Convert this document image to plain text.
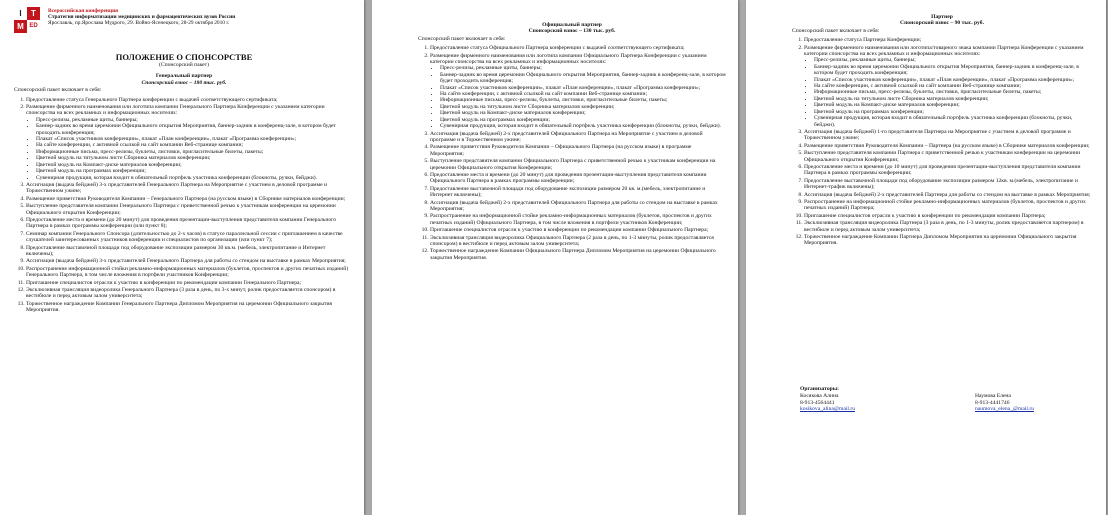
I	T
M ED

Всероссийская конференция

Стратегия информатизации медицинских и фармацевтических вузов России

Ярославль, пр.Ярослава Мудрого, 29. Войно-Ясенецкого, 28-29 октября 2010 г.

ПОЛОЖЕНИЕ О СПОНСОРСТВЕ

(Спонсорский пакет)

Генеральный партнер

Спонсорский взнос – 180 тыс. руб.

Спонсорский пакет включает в себя:

1. Предоставление статуса Генерального Партнера конференции с выдачей соответствующего сертификата;
2. Размещение фирменного наименования или логотипа компании Генерального Партнера Конференции с указанием категории спонсорства на всех рекламных и информационных носителях:
• Пресс-релизы, рекламные щиты, баннеры;
• Баннер-задник во время церемонии Официального открытия Мероприятия, баннер-задник в конференц-зале, в котором будет проходить конференция;
• Плакат «Список участников конференции», плакат «План конференции», плакат «Программа конференции»;
• На сайте конференции, с активной ссылкой на сайт компании Веб-странице компании;
• Информационные письма, пресс-релизы, буклеты, листовки, пригласительные билеты, пакеты;
• Цветной модуль на титульном листе Сборника материалов конференции;
• Цветной модуль на Компакт-диске материалов конференции;
• Цветной модуль на программах конференции;
• Сувенирная продукция, которая входит в обязательный портфель участника конференции (блокноты, ручки, бейджи).
3. Ассигнация (выдача бейджей) 3-х представителей Генерального Партнера на Мероприятие с участием в деловой программе и Торжественном ужине;
4. Размещение приветствия Руководителя Компании – Генерального Партнера (на русском языке) в Сборнике материалов конференции;
5. Выступление представителя компании Генерального Партнера с приветственной речью к участникам конференции на церемонии Официального открытия Конференции;
6. Предоставление места и времени (до 20 минут) для проведения презентации-выступления представителя компании Генерального Партнера в рамках программы конференции (или пункт 8);
7. Семинар компании Генерального Спонсора (длительностью до 2-х часов) в статусе параллельной сессии с приглашением в качестве слушателей заинтересованных участников конференции и специалистов по организации (или пункт 7);
8. Предоставление выставочной площади под оборудование экспозиции размером 30 кв.м. (мебель, электропитание и Интернет включены);
9. Ассигнация (выдача бейджей) 3-х представителей Генерального Партнера для работы со стендом на выставке в рамках Мероприятия;
10. Распространение информационной стойки рекламно-информационных материалов (буклетов, проспектов и других печатных изданий) Генерального Партнера, в том числе вложения в портфели участников Конференции;
11. Приглашение специалистов отрасли к участию в конференции по рекомендации компании Генерального Партнера;
12. Эксклюзивная трансляция видеоролика Генерального Партнера (3 раза в день, по 3-х минут, ролик предоставляется спонсором) в вестибюле и перед актовым залом университета;
13. Торжественное награждение Компании Генерального Партнера Дипломом Мероприятия на церемонии Официального закрытия Мероприятия.

Официальный партнер

Спонсорский взнос – 130 тыс. руб.

Спонсорский пакет включает в себя:

1. Предоставление статуса Официального Партнера конференции с выдачей соответствующего сертификата;
2. Размещение фирменного наименования или логотипа компании Официального Партнера Конференции с указанием категории спонсорства на всех рекламных и информационных носителях:
• Пресс-релизы, рекламные щиты, баннеры;
• Баннер-задник во время церемонии Официального открытия Мероприятия, баннер-задник в конференц-зале, в котором будет проходить конференция;
• Плакат «Список участников конференции», плакат «План конференции», плакат «Программа конференции»;
• На сайте конференции, с активной ссылкой на сайт компании Веб-странице компании;
• Информационные письма, пресс-релизы, буклеты, листовки, пригласительные билеты, пакеты;
• Цветной модуль на титульном листе Сборника материалов конференции;
• Цветной модуль на Компакт-диске материалов конференции;
• Цветной модуль на программах конференции;
• Сувенирная продукция, которая входит в обязательный портфель участника конференции (блокноты, ручки, бейджи).
3. Ассигнация (выдача бейджей) 2-х представителей Официального Партнера на Мероприятие с участием в деловой программе и в Торжественном ужине;
4. Размещение приветствия Руководителя Компании – Официального Партнера (на русском языке) в программе Мероприятия;
5. Выступление представителя компании Официального Партнера с приветственной речью к участникам конференции на церемонии Официального открытия Конференции;
6. Предоставление места и времени (до 20 минут) для проведения презентации-выступления представителя компании Официального Партнера в рамках программы конференции;
7. Предоставление выставочной площади под оборудование экспозиции размером 20 кв. м.(мебель, электропитание и Интернет включены);
8. Ассигнация (выдача бейджей) 2-х представителей Официального Партнера для работы со стендом на выставке в рамках Мероприятия;
9. Распространение на информационной стойке рекламно-информационных материалов (буклетов, проспектов и других печатных изданий) Официального Партнера, в том числе вложения в портфели участников Конференции;
10. Приглашение специалистов отрасли к участию в конференции по рекомендации компании Официального Партнера;
11. Эксклюзивная трансляция видеоролика Официального Партнера (2 раза в день, по 1-3 минуты, ролик предоставляется спонсором) в вестибюле и перед актовым залом университета;
12. Торжественное награждение Компании Официального Партнера Дипломом Мероприятия на церемонии Официального закрытия Мероприятия.

Партнер

Спонсорский взнос – 90 тыс. руб.

Спонсорский пакет включает в себя:

1. Предоставление статуса Партнера Конференции;
2. Размещение фирменного наименования или логотипа/товарного знака компании Партнера Конференции с указанием категории спонсорства на всех рекламных и информационных носителях:
• Пресс-релизы, рекламные щиты, баннеры;
• Баннер-задник во время церемонии Официального открытия Мероприятия, баннер-задник в конференц-зале, в котором будет проходить конференция;
• Плакат «Список участников конференции», плакат «План конференции», плакат «Программа конференции»;
• На сайте конференции, с активной ссылкой на сайт компании Веб-странице компании;
• Информационные письма, пресс-релизы, буклеты, листовки, пригласительные билеты, пакеты;
• Цветной модуль на титульном листе Сборника материалов конференции;
• Цветной модуль на Компакт-диске материалов конференции;
• Цветной модуль на программах конференции;
• Сувенирная продукция, которая входит в обязательный портфель участника конференции (блокноты, ручки, бейджи).
3. Ассигнация (выдача бейджей) 1-го представителя Партнера на Мероприятие с участием в деловой программе и Торжественном ужине;
4. Размещение приветствия Руководителя Компании – Партнера (на русском языке) в Сборнике материалов конференции;
5. Выступление представителя компании Партнера с приветственной речью к участникам конференции на церемонии Официального открытия Конференции;
6. Предоставление места и времени (до 10 минут) для проведения презентации-выступления представителя компании Партнера в рамках программы конференции;
7. Предоставление выставочной площади под оборудование экспозиции размером 12кв. м.(мебель, электропитание и Интернет-трафик включены);
8. Ассигнация (выдача бейджей) 2-х представителей Партнера для работы со стендом на выставке в рамках Мероприятия;
9. Распространение на информационной стойке рекламно-информационных материалов (буклетов, проспектов и других печатных изданий) Партнера;
10. Приглашение специалистов отрасли к участию в конференции по рекомендации компании Партнера;
11. Эксклюзивная трансляция видеоролика Партнера (3 раза в день, по 1-3 минуты, ролик предоставляется партнером) в вестибюле и перед актовым залом университета;
12. Торжественное награждение Компании Партнера Дипломом Мероприятия на церемонии Официального закрытия Мероприятия.

Организаторы:

Косякова Алина

8-913-4564441

kosikova_alina@mail.ru

Наумова Елена

8-913-4441746

naumova_elena_@mail.ru
